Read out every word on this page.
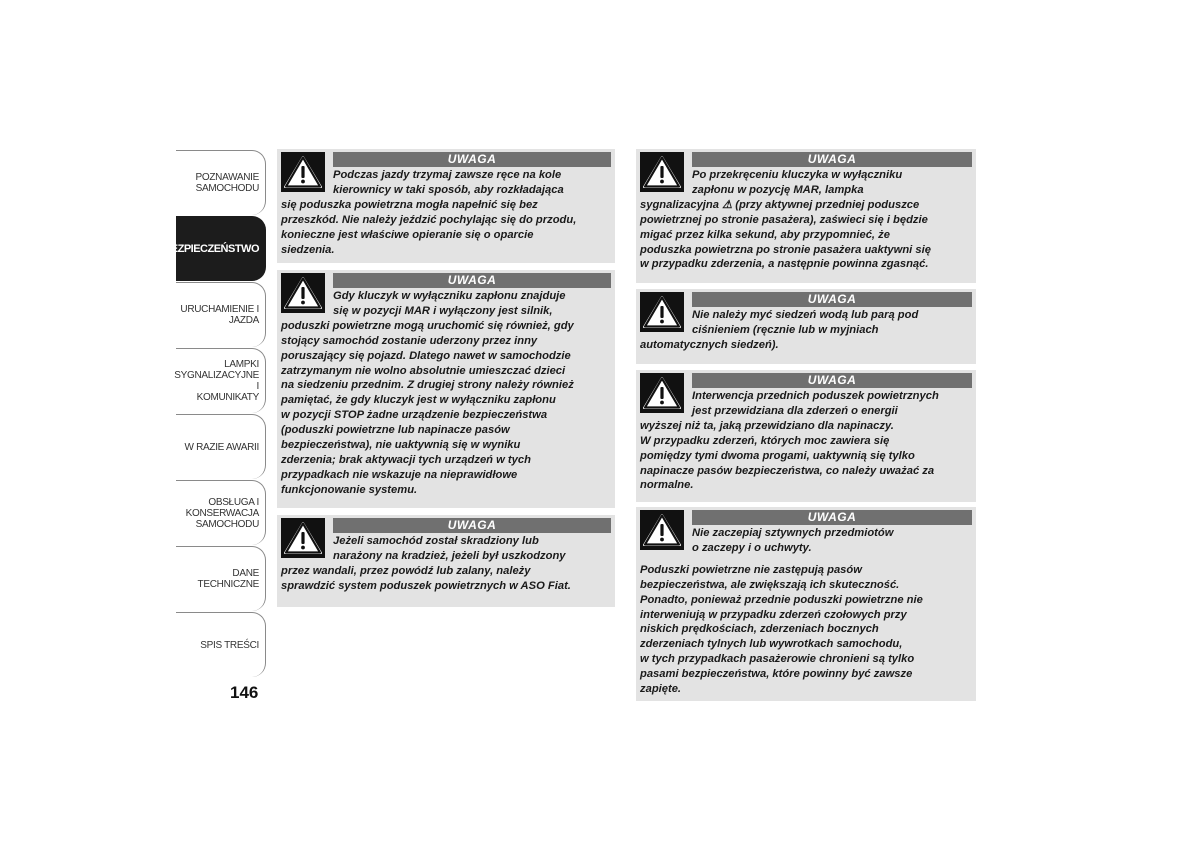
POZNAWANIE
SAMOCHODU
BEZPIECZEŃSTWO
URUCHAMIENIE I
JAZDA
LAMPKI
SYGNALIZACYJNE I
KOMUNIKATY
W RAZIE AWARII
OBSŁUGA I
KONSERWACJA
SAMOCHODU
DANE TECHNICZNE
SPIS TREŚCI
146
UWAGA

Podczas jazdy trzymaj zawsze ręce na kole

kierownicy w taki sposób, aby rozkładająca

się poduszka powietrzna mogła napełnić się bez

przeszkód. Nie należy jeździć pochylając się do przodu,

konieczne jest właściwe opieranie się o oparcie

siedzenia.

UWAGA

Gdy kluczyk w wyłączniku zapłonu znajduje

się w pozycji MAR i wyłączony jest silnik,

poduszki powietrzne mogą uruchomić się również, gdy

stojący samochód zostanie uderzony przez inny

poruszający się pojazd. Dlatego nawet w samochodzie

zatrzymanym nie wolno absolutnie umieszczać dzieci

na siedzeniu przednim. Z drugiej strony należy również

pamiętać, że gdy kluczyk jest w wyłączniku zapłonu

w pozycji STOP żadne urządzenie bezpieczeństwa

(poduszki powietrzne lub napinacze pasów

bezpieczeństwa), nie uaktywnią się w wyniku

zderzenia; brak aktywacji tych urządzeń w tych

przypadkach nie wskazuje na nieprawidłowe

funkcjonowanie systemu.

UWAGA

Jeżeli samochód został skradziony lub

narażony na kradzież, jeżeli był uszkodzony

przez wandali, przez powódź lub zalany, należy

sprawdzić system poduszek powietrznych w ASO Fiat.

UWAGA

Po przekręceniu kluczyka w wyłączniku

zapłonu w pozycję MAR, lampka

sygnalizacyjna ⚠ (przy aktywnej przedniej poduszce

powietrznej po stronie pasażera), zaświeci się i będzie

migać przez kilka sekund, aby przypomnieć, że

poduszka powietrzna po stronie pasażera uaktywni się

w przypadku zderzenia, a następnie powinna zgasnąć.

UWAGA

Nie należy myć siedzeń wodą lub parą pod

ciśnieniem (ręcznie lub w myjniach

automatycznych siedzeń).

UWAGA

Interwencja przednich poduszek powietrznych

jest przewidziana dla zderzeń o energii

wyższej niż ta, jaką przewidziano dla napinaczy.

W przypadku zderzeń, których moc zawiera się

pomiędzy tymi dwoma progami, uaktywnią się tylko

napinacze pasów bezpieczeństwa, co należy uważać za

normalne.

UWAGA

Nie zaczepiaj sztywnych przedmiotów

o zaczepy i o uchwyty.

Poduszki powietrzne nie zastępują pasów

bezpieczeństwa, ale zwiększają ich skuteczność.

Ponadto, ponieważ przednie poduszki powietrzne nie

interweniują w przypadku zderzeń czołowych przy

niskich prędkościach, zderzeniach bocznych

zderzeniach tylnych lub wywrotkach samochodu,

w tych przypadkach pasażerowie chronieni są tylko

pasami bezpieczeństwa, które powinny być zawsze

zapięte.
